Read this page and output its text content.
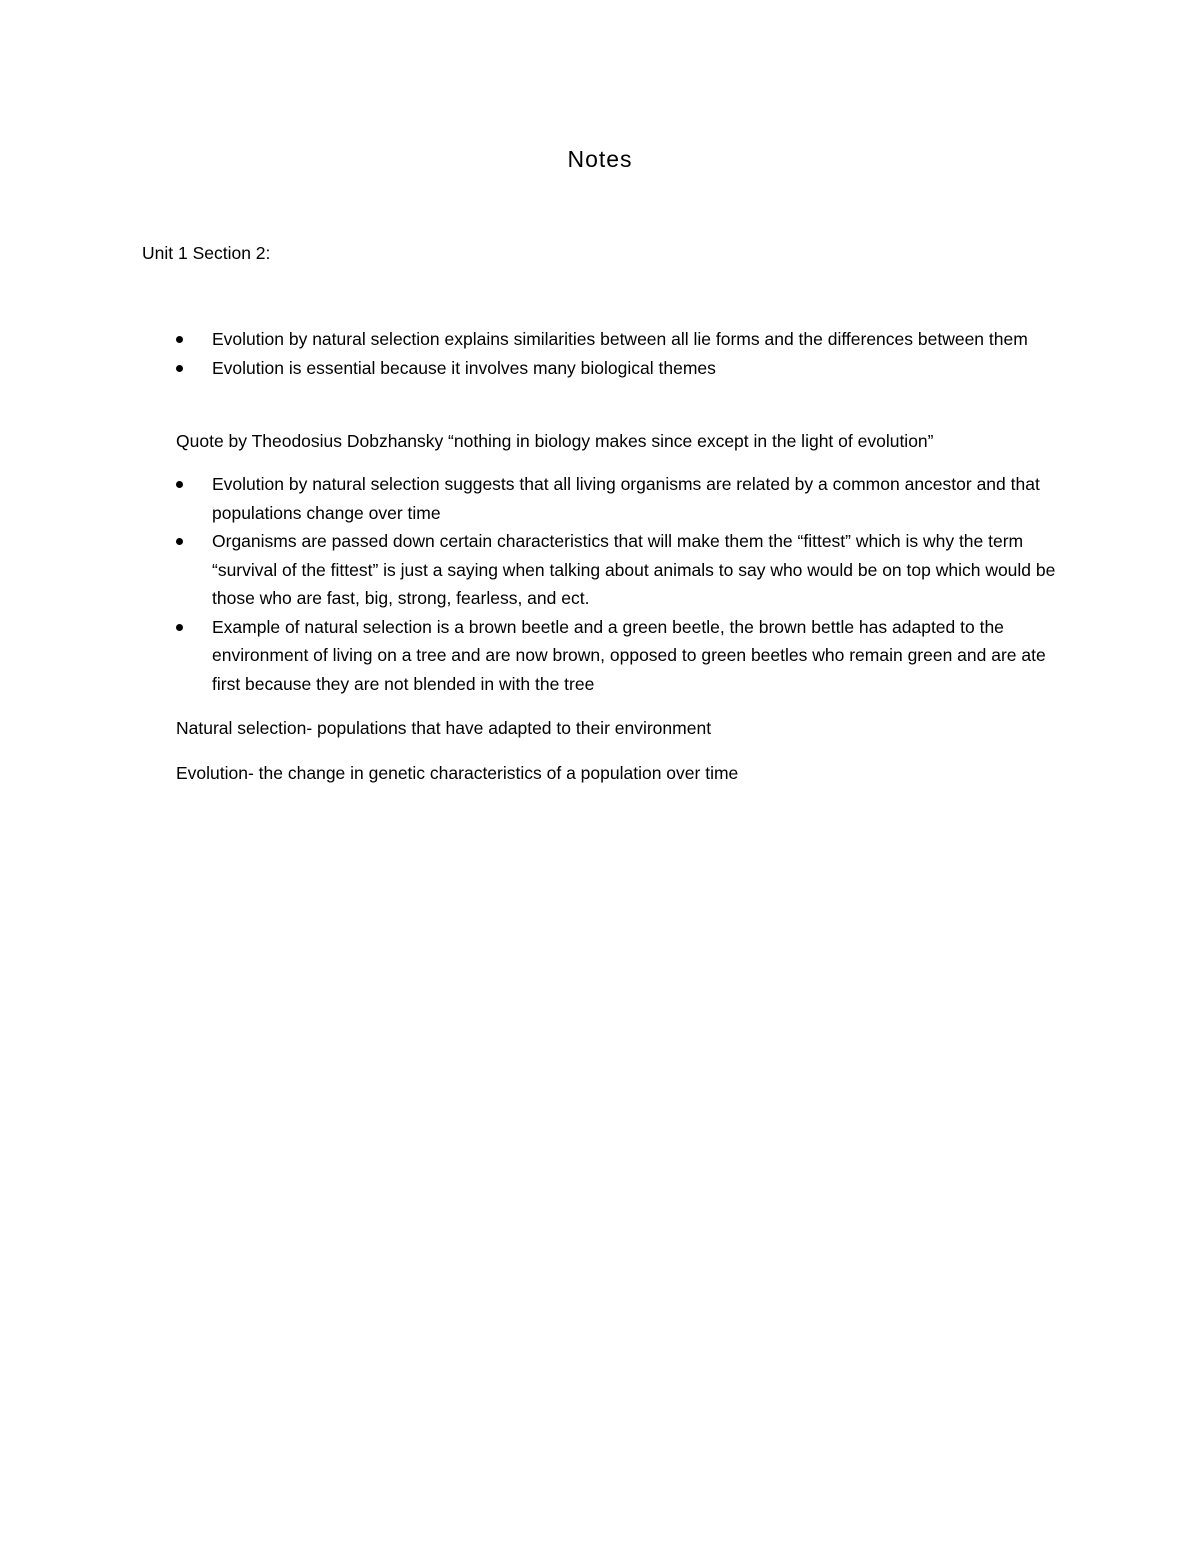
Notes
Unit 1 Section 2:
Evolution by natural selection explains similarities between all lie forms and the differences between them
Evolution is essential because it involves many biological themes
Quote by Theodosius Dobzhansky “nothing in biology makes since except in the light of evolution”
Evolution by natural selection suggests that all living organisms are related by a common ancestor and that populations change over time
Organisms are passed down certain characteristics that will make them the “fittest” which is why the term “survival of the fittest” is just a saying when talking about animals to say who would be on top which would be those who are fast, big, strong, fearless, and ect.
Example of natural selection is a brown beetle and a green beetle, the brown bettle has adapted to the environment of living on a tree and are now brown, opposed to green beetles who remain green and are ate first because they are not blended in with the tree
Natural selection- populations that have adapted to their environment
Evolution- the change in genetic characteristics of a population over time
